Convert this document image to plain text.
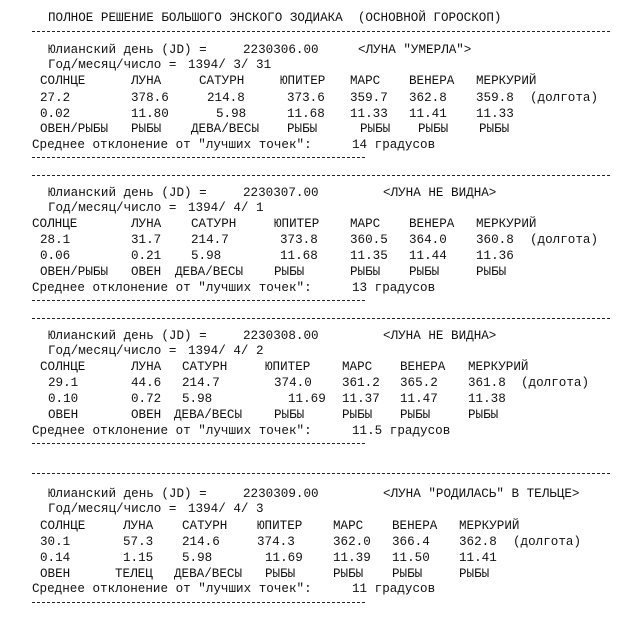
ПОЛНОЕ РЕШЕНИЕ БОЛЬШОГО ЭНСКОГО ЗОДИАКА  (ОСНОВНОЙ ГОРОСКОП)
Юлианский день (JD) =	2230306.00	<ЛУНА "УМЕРЛА">
Год/месяц/число = 1394/ 3/ 31
СОЛНЦЕ	ЛУНА	САТУРН	ЮПИТЕР МАРС ВЕНЕРА МЕРКУРИЙ
27.2	378.6	214.8	373.6 359.7 362.8 359.8 (долгота)
0.02	11.80	5.98	11.68 11.33 11.41 11.33
ОВЕН/РЫБЫ РЫБЫ ДЕВА/ВЕСЫ РЫБЫ	РЫБЫ РЫБЫ РЫБЫ
Среднее отклонение от "лучших точек":	14 градусов
Юлианский день (JD) =	2230307.00	<ЛУНА НЕ ВИДНА>
Год/месяц/число = 1394/ 4/ 1
СОЛНЦЕ	ЛУНА САТУРН	ЮПИТЕР МАРС ВЕНЕРА МЕРКУРИЙ
28.1	31.7 214.7	373.8	360.5 364.0 360.8 (долгота)
0.06	0.21 5.98	11.68	11.35 11.44 11.36
ОВЕН/РЫБЫ ОВЕН ДЕВА/ВЕСЫ РЫБЫ	РЫБЫ РЫБЫ	РЫБЫ
Среднее отклонение от "лучших точек":	13 градусов
Юлианский день (JD) =	2230308.00	<ЛУНА НЕ ВИДНА>
Год/месяц/число = 1394/ 4/ 2
СОЛНЦЕ	ЛУНА САТУРН	ЮПИТЕР	МАРС ВЕНЕРА МЕРКУРИЙ
29.1	44.6 214.7	374.0 361.2 365.2 361.8 (долгота)
0.10	0.72 5.98	11.69 11.37 11.47 11.38
ОВЕН	ОВЕН ДЕВА/ВЕСЫ	РЫБЫ	РЫБЫ РЫБЫ	РЫБЫ
Среднее отклонение от "лучших точек":	11.5 градусов
Юлианский день (JD) =	2230309.00	<ЛУНА "РОДИЛАСЬ" В ТЕЛЬЦЕ>
Год/месяц/число = 1394/ 4/ 3
СОЛНЦЕ	ЛУНА САТУРН ЮПИТЕР МАРС ВЕНЕРА МЕРКУРИЙ
30.1	57.3 214.6	374.3	362.0 366.4 362.8 (долгота)
0.14	1.15 5.98	11.69 11.39 11.50 11.41
ОВЕН	ТЕЛЕЦ ДЕВА/ВЕСЫ РЫБЫ	РЫБЫ РЫБЫ	РЫБЫ
Среднее отклонение от "лучших точек":	11 градусов
